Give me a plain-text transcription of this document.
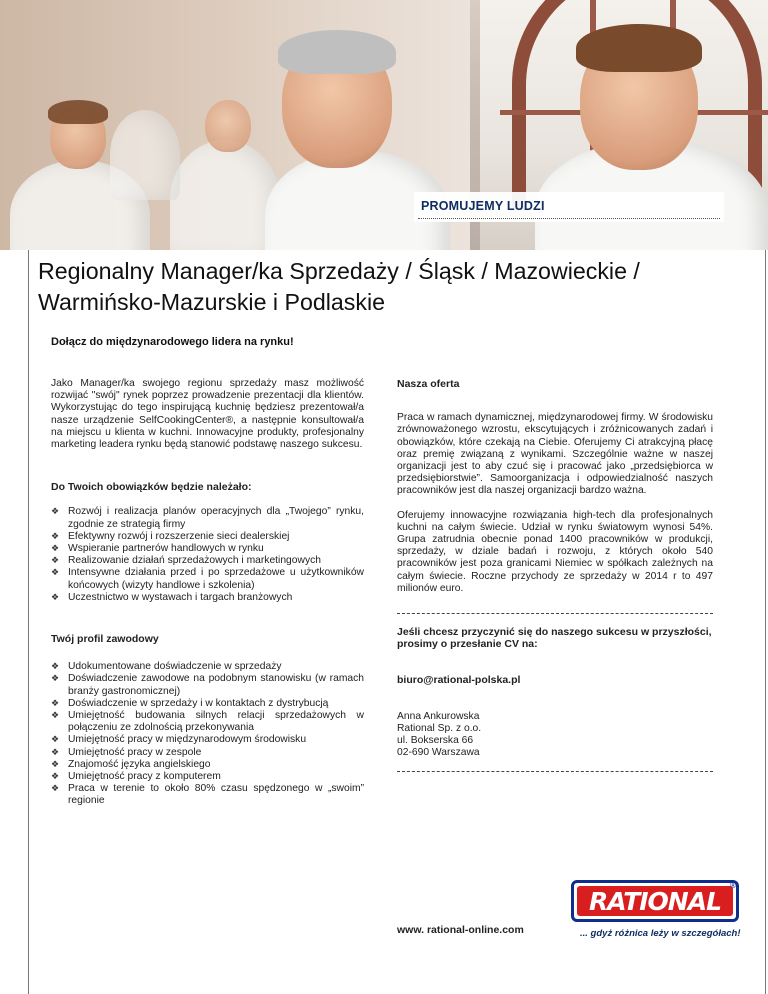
PROMUJEMY LUDZI
Regionalny Manager/ka Sprzedaży / Śląsk / Mazowieckie / Warmińsko-Mazurskie i Podlaskie
Dołącz do międzynarodowego lidera na rynku!

Jako Manager/ka swojego regionu sprzedaży masz możliwość rozwijać "swój" rynek poprzez prowadzenie prezentacji dla klientów. Wykorzystując do tego inspirującą kuchnię będziesz prezentował/a nasze urządzenie SelfCookingCenter®, a następnie konsultował/a na miejscu u klienta w kuchni. Innowacyjne produkty, profesjonalny marketing leadera rynku będą stanowić podstawę naszego sukcesu.

Do Twoich obowiązków będzie należało:
❖ Rozwój i realizacja planów operacyjnych dla „Twojego” rynku, zgodnie ze strategią firmy
❖ Efektywny rozwój i rozszerzenie sieci dealerskiej
❖ Wspieranie partnerów handlowych w rynku
❖ Realizowanie działań sprzedażowych i marketingowych
❖ Intensywne działania przed i po sprzedażowe u użytkowników końcowych (wizyty handlowe i szkolenia)
❖ Uczestnictwo w wystawach i targach branżowych
Twój profil zawodowy
❖ Udokumentowane doświadczenie w sprzedaży
❖ Doświadczenie zawodowe na podobnym stanowisku (w ramach branży gastronomicznej)
❖ Doświadczenie w sprzedaży i w kontaktach z dystrybucją
❖ Umiejętność budowania silnych relacji sprzedażowych w połączeniu ze zdolnością przekonywania
❖ Umiejętność pracy w międzynarodowym środowisku
❖ Umiejętność pracy w zespole
❖ Znajomość języka angielskiego
❖ Umiejętność pracy z komputerem
❖ Praca w terenie to około 80% czasu spędzonego w „swoim” regionie
Nasza oferta

Praca w ramach dynamicznej, międzynarodowej firmy. W środowisku zrównoważonego wzrostu, ekscytujących i zróżnicowanych zadań i obowiązków, które czekają na Ciebie. Oferujemy Ci atrakcyjną płacę oraz premię związaną z wynikami. Szczególnie ważne w naszej organizacji jest to aby czuć się i pracować jako „przedsiębiorca w przedsiębiorstwie”. Samoorganizacja i odpowiedzialność naszych pracowników jest dla naszej organizacji bardzo ważna.

Oferujemy innowacyjne rozwiązania high-tech dla profesjonalnych kuchni na całym świecie. Udział w rynku światowym wynosi 54%. Grupa zatrudnia obecnie ponad 1400 pracowników w produkcji, sprzedaży, w dziale badań i rozwoju, z których około 540 pracowników jest poza granicami Niemiec w spółkach zależnych na całym świecie. Roczne przychody ze sprzedaży w 2014 r to 497 milionów euro.

Jeśli chcesz przyczynić się do naszego sukcesu w przyszłości, prosimy o przesłanie CV na:

biuro@rational-polska.pl

Anna Ankurowska

Rational Sp. z o.o.

ul. Bokserska 66

02-690 Warszawa

www. rational-online.com
RATIONAL
®
... gdyż różnica leży w szczegółach!
